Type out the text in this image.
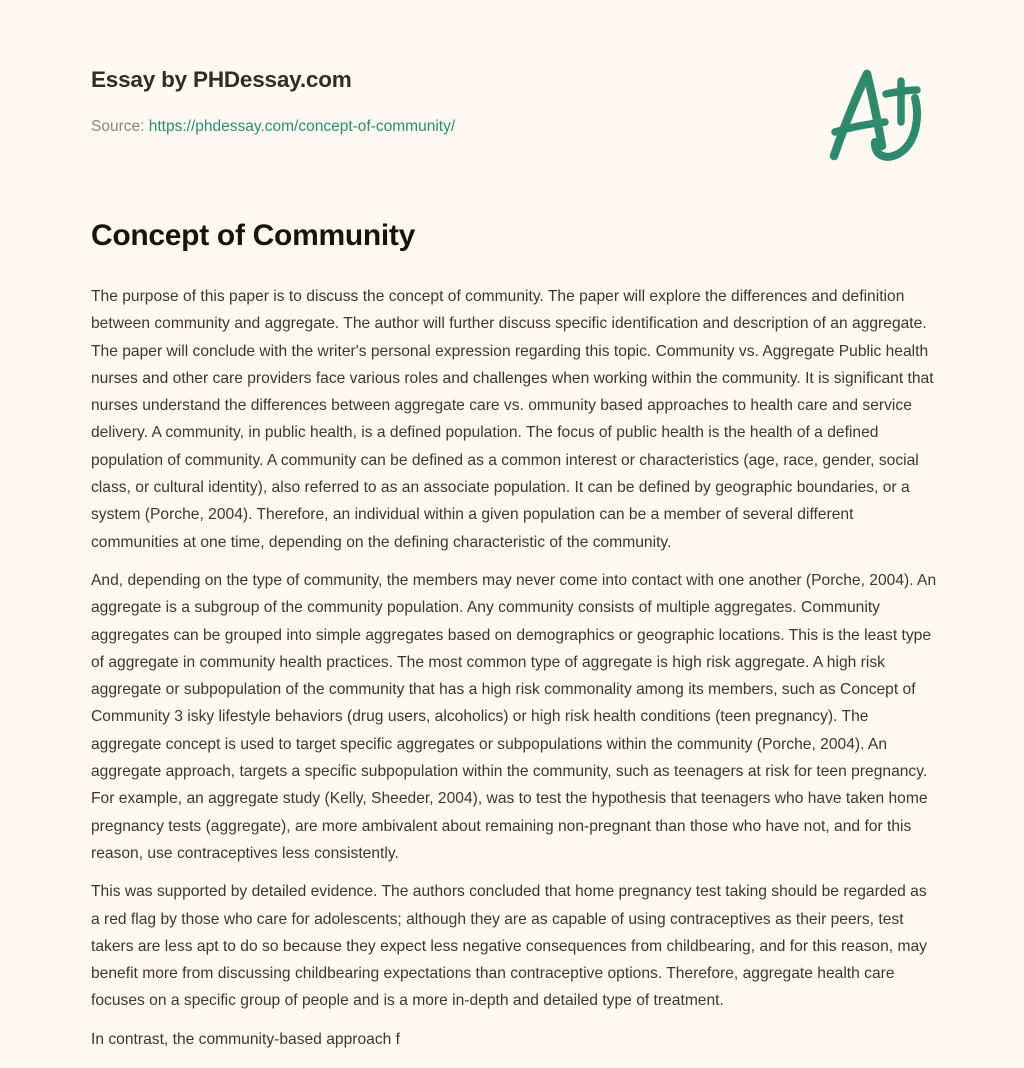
Essay by PHDessay.com
Source: https://phdessay.com/concept-of-community/
Concept of Community

The purpose of this paper is to discuss the concept of community. The paper will explore the differences and definition between community and aggregate. The author will further discuss specific identification and description of an aggregate. The paper will conclude with the writer's personal expression regarding this topic. Community vs. Aggregate Public health nurses and other care providers face various roles and challenges when working within the community. It is significant that nurses understand the differences between aggregate care vs. ommunity based approaches to health care and service delivery. A community, in public health, is a defined population. The focus of public health is the health of a defined population of community. A community can be defined as a common interest or characteristics (age, race, gender, social class, or cultural identity), also referred to as an associate population. It can be defined by geographic boundaries, or a system (Porche, 2004). Therefore, an individual within a given population can be a member of several different communities at one time, depending on the defining characteristic of the community.

And, depending on the type of community, the members may never come into contact with one another (Porche, 2004). An aggregate is a subgroup of the community population. Any community consists of multiple aggregates. Community aggregates can be grouped into simple aggregates based on demographics or geographic locations. This is the least type of aggregate in community health practices. The most common type of aggregate is high risk aggregate. A high risk aggregate or subpopulation of the community that has a high risk commonality among its members, such as Concept of Community 3 isky lifestyle behaviors (drug users, alcoholics) or high risk health conditions (teen pregnancy). The aggregate concept is used to target specific aggregates or subpopulations within the community (Porche, 2004). An aggregate approach, targets a specific subpopulation within the community, such as teenagers at risk for teen pregnancy. For example, an aggregate study (Kelly, Sheeder, 2004), was to test the hypothesis that teenagers who have taken home pregnancy tests (aggregate), are more ambivalent about remaining non-pregnant than those who have not, and for this reason, use contraceptives less consistently.

This was supported by detailed evidence. The authors concluded that home pregnancy test taking should be regarded as a red flag by those who care for adolescents; although they are as capable of using contraceptives as their peers, test takers are less apt to do so because they expect less negative consequences from childbearing, and for this reason, may benefit more from discussing childbearing expectations than contraceptive options. Therefore, aggregate health care focuses on a specific group of people and is a more in-depth and detailed type of treatment.

In contrast, the community-based approach f
